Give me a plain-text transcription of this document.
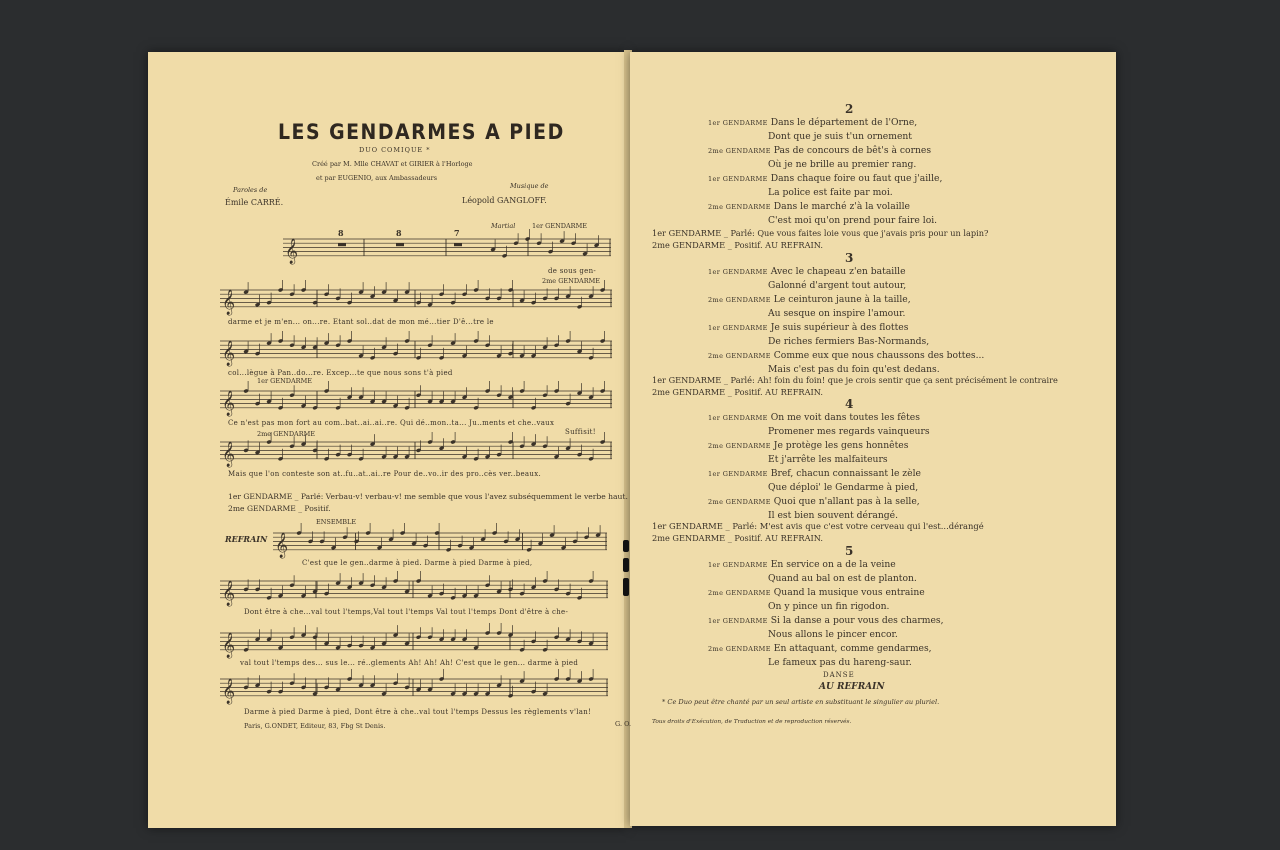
LES GENDARMES A PIED
DUO COMIQUE *
Créé par M. Mlle CHAVAT et GIRIER à l'Horloge
et par EUGENIO, aux Ambassadeurs
Paroles de
Émile CARRÉ.
Musique de
Léopold GANGLOFF.
8	8	7
Martial	1er GENDARME
2me GENDARME
1er GENDARME
2me GENDARME
ENSEMBLE
REFRAIN
𝄞
𝄞
𝄞
𝄞
𝄞
𝄞
𝄞
𝄞
𝄞
de sous gen-
darme et je m'en... on...re. Etant sol..dat de mon mé...tier D'ê...tre le
col...lègue à Pan..do...re. Excep...te que nous sons t'à pied
Ce n'est pas mon fort au com..bat..ai..ai..re. Qui dé..mon..ta... Ju..ments et che..vaux
Suffisit!
Mais que l'on conteste son at..fu..at..ai..re Pour de..vo..ir des pro..cès ver..beaux.
1er GENDARME _ Parlé: Verbau-v! verbau-v! me semble que vous l'avez subséquemment le verbe haut.
2me GENDARME _ Positif.
C'est que le gen..darme à pied. Darme à pied Darme à pied,
Dont être à che...val tout l'temps,Val tout l'temps Val tout l'temps Dont d'être à che-
val tout l'temps des... sus le... ré..glements Ah! Ah! Ah! C'est que le gen... darme à pied
Darme à pied Darme à pied, Dont être à che..val tout l'temps Dessus les règlements v'lan!
Paris, G.ONDET, Editeur, 83, Fbg St Denis.	G. O.
2
1er GENDARME Dans le département de l'Orne,
Dont que je suis t'un ornement
2me GENDARME Pas de concours de bêt's à cornes
Où je ne brille au premier rang.
1er GENDARME Dans chaque foire ou faut que j'aille,
La police est faite par moi.
2me GENDARME Dans le marché z'à la volaille
C'est moi qu'on prend pour faire loi.
1er GENDARME _ Parlé: Que vous faites loie vous que j'avais pris pour un lapin?
2me GENDARME _ Positif. AU REFRAIN.
3
1er GENDARME Avec le chapeau z'en bataille
Galonné d'argent tout autour,
2me GENDARME Le ceinturon jaune à la taille,
Au sesque on inspire l'amour.
1er GENDARME Je suis supérieur à des flottes
De riches fermiers Bas-Normands,
2me GENDARME Comme eux que nous chaussons des bottes...
Mais c'est pas du foin qu'est dedans.
1er GENDARME _ Parlé: Ah! foin du foin! que je crois sentir que ça sent précisément le contraire
2me GENDARME _ Positif. AU REFRAIN.
4
1er GENDARME On me voit dans toutes les fêtes
Promener mes regards vainqueurs
2me GENDARME Je protège les gens honnêtes
Et j'arrête les malfaiteurs
1er GENDARME Bref, chacun connaissant le zèle
Que déploi' le Gendarme à pied,
2me GENDARME Quoi que n'allant pas à la selle,
Il est bien souvent dérangé.
1er GENDARME _ Parlé: M'est avis que c'est votre cerveau qui l'est...dérangé
2me GENDARME _ Positif. AU REFRAIN.
5
1er GENDARME En service on a de la veine
Quand au bal on est de planton.
2me GENDARME Quand la musique vous entraine
On y pince un fin rigodon.
1er GENDARME Si la danse a pour vous des charmes,
Nous allons le pincer encor.
2me GENDARME En attaquant, comme gendarmes,
Le fameux pas du hareng-saur.
DANSE
AU REFRAIN
* Ce Duo peut être chanté par un seul artiste en substituant le singulier au pluriel.
Tous droits d'Exécution, de Traduction et de reproduction réservés.
